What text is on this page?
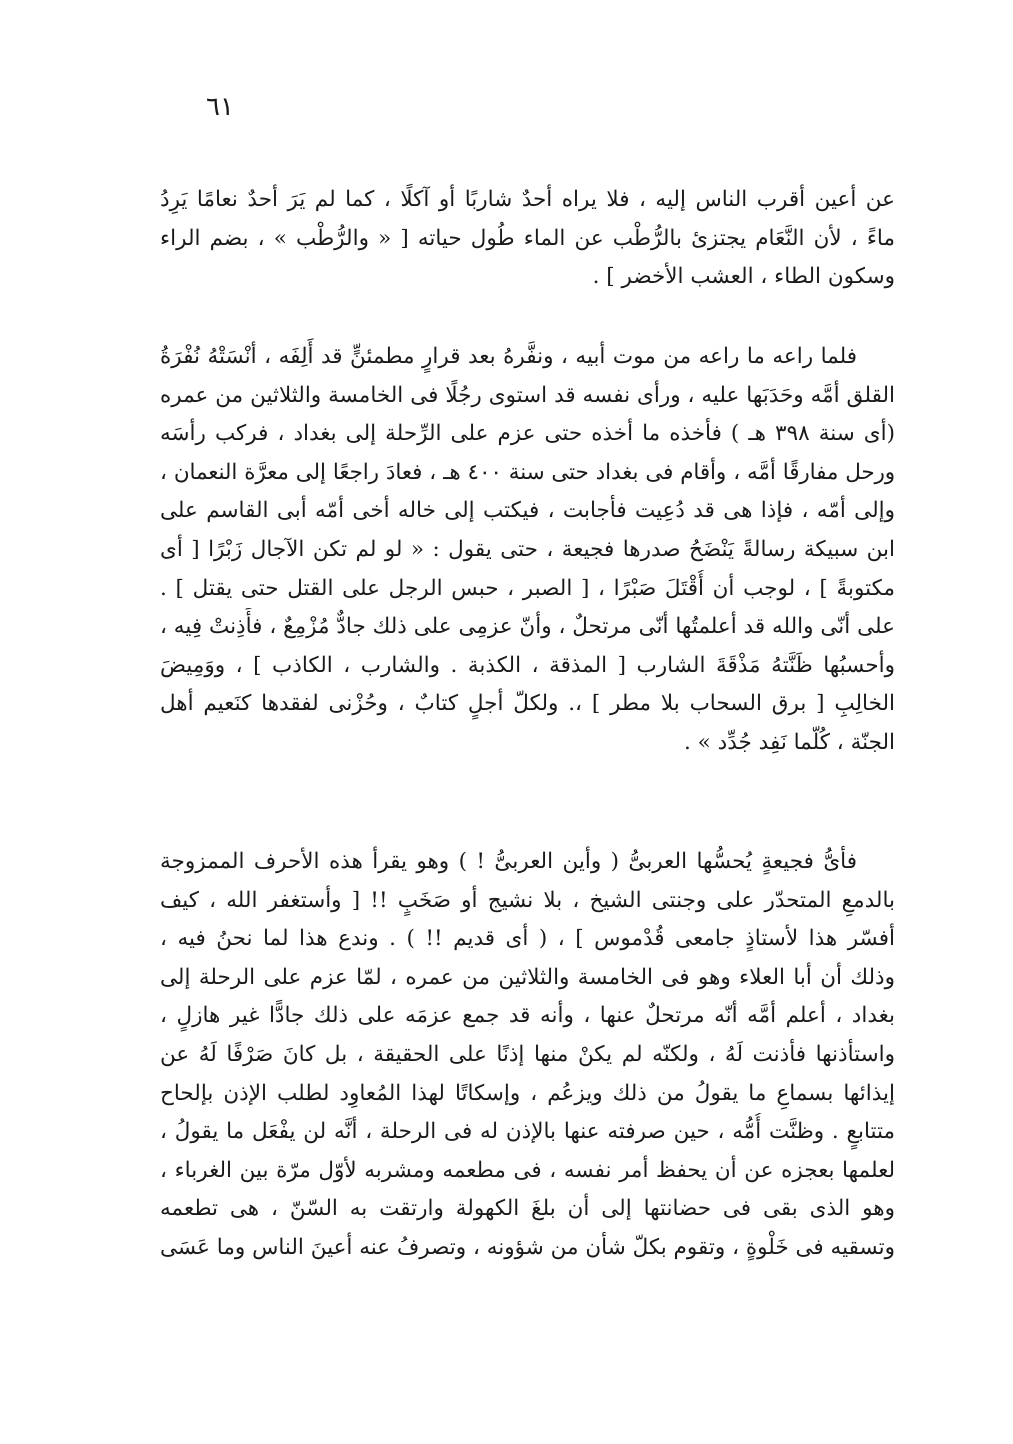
٦١
عن أعين أقرب الناس إليه ، فلا يراه أحدٌ شاربًا أو آكلًا ، كما لم يَرَ أحدٌ نعامًا يَرِدُ
ماءً ، لأن النَّعَام يجتزئ بالرُّطْب عن الماء طُول حياته [ « والرُّطْب » ، بضم الراء
وسكون الطاء ، العشب الأخضر ] .
فلما راعه ما راعه من موت أبيه ، ونفَّرهُ بعد قرارٍ مطمئنٍّ قد أَلِفَه ، أنْسَتْهُ نُفْرَةُ
القلق أمَّه وحَدَبَها عليه ، ورأى نفسه قد استوى رجُلًا فى الخامسة والثلاثين من عمره
(أى سنة ٣٩٨ هـ ) فأخذه ما أخذه حتى عزم على الرِّحلة إلى بغداد ، فركب رأسَه
ورحل مفارقًا أمَّه ، وأقام فى بغداد حتى سنة ٤٠٠ هـ ، فعادَ راجعًا إلى معرَّة النعمان ،
وإلى أمّه ، فإذا هى قد دُعِيت فأجابت ، فيكتب إلى خاله أخى أمّه أبى القاسم على
ابن سبيكة رسالةً يَنْضَحُ صدرها فجيعة ، حتى يقول : « لو لم تكن الآجال زَبْرًا [ أى
مكتوبةً ] ، لوجب أن أُقْتَلَ صَبْرًا ، [ الصبر ، حبس الرجل على القتل حتى يقتل ] .
على أنّى والله قد أعلمتُها أنّى مرتحلٌ ، وأنّ عزمِى على ذلك جادٌّ مُزْمِعٌ ، فأَذِنتْ فِيه ،
وأحسبُها ظَنَّتهُ مَذْقَةَ الشارب [ المذقة ، الكذبة . والشارب ، الكاذب ] ، ووَمِيضَ
الخالِبِ [ برق السحاب بلا مطر ] ،. ولكلّ أجلٍ كتابٌ ، وحُزْنى لفقدها كنَعيم أهل
الجنّة ، كُلّما نَفِد جُدِّد » .
فأىُّ فجيعةٍ يُحسُّها العربىُّ ( وأين العربىُّ ! ) وهو يقرأ هذه الأحرف الممزوجة
بالدمعِ المتحدّر على وجنتى الشيخ ، بلا نشيج أو صَخَبٍ !! [ وأستغفر الله ، كيف
أفسّر هذا لأستاذٍ جامعى قُدْموس ] ، ( أى قديم !! ) . وندع هذا لما نحنُ فيه ،
وذلك أن أبا العلاء وهو فى الخامسة والثلاثين من عمره ، لمّا عزم على الرحلة إلى
بغداد ، أعلم أمَّه أنّه مرتحلٌ عنها ، وأنه قد جمع عزمَه على ذلك جادًّا غير هازلٍ ،
واستأذنها فأذنت لَهُ ، ولكنّه لم يكنْ منها إذنًا على الحقيقة ، بل كانَ صَرْفًا لَهُ عن
إيذائها بسماعِ ما يقولُ من ذلك ويزعُم ، وإسكاتًا لهذا المُعاوِد لطلب الإذن بإلحاح
متتابعٍ . وظنَّت أُمُّه ، حين صرفته عنها بالإذن له فى الرحلة ، أنَّه لن يفْعَل ما يقولُ ،
لعلمها بعجزه عن أن يحفظ أمر نفسه ، فى مطعمه ومشربه لأوّل مرّة بين الغرباء ،
وهو الذى بقى فى حضانتها إلى أن بلغَ الكهولة وارتقت به السّنّ ، هى تطعمه
وتسقيه فى خَلْوةٍ ، وتقوم بكلّ شأن من شؤونه ، وتصرفُ عنه أعينَ الناس وما عَسَى
